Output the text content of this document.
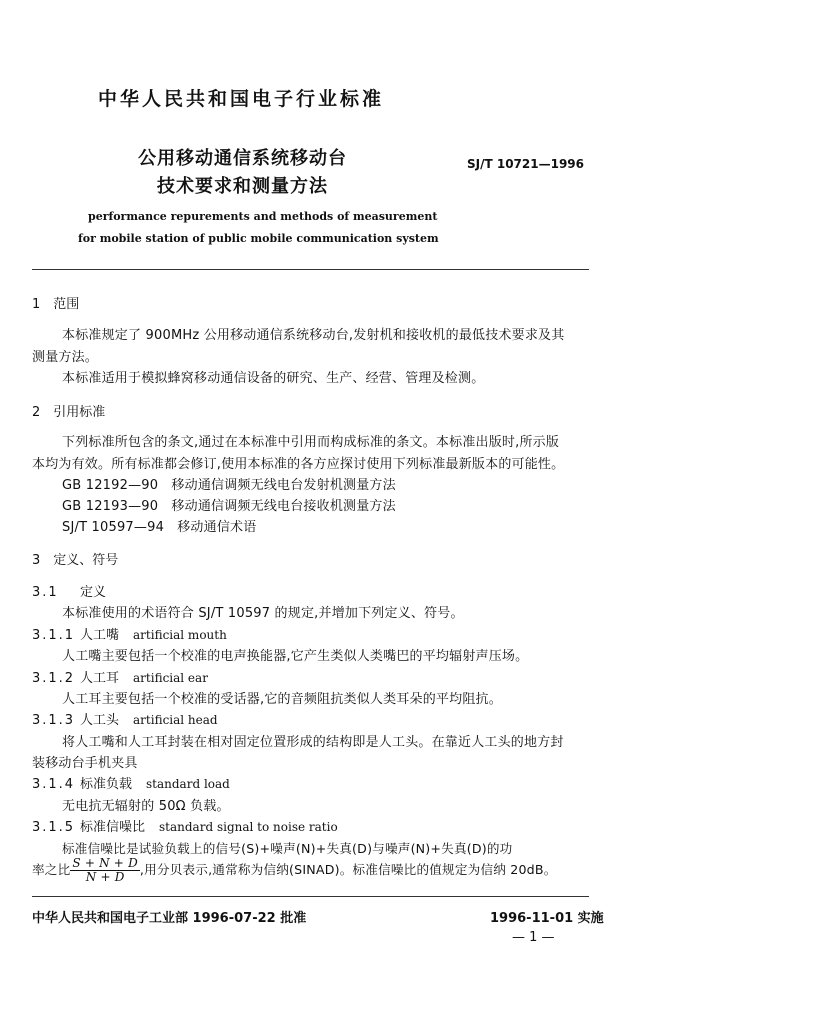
中华人民共和国电子行业标准
公用移动通信系统移动台
技术要求和测量方法
SJ/T 10721—1996
performance repurements and methods of measurement
for mobile station of public mobile communication system
1　范围
本标准规定了 900MHz 公用移动通信系统移动台,发射机和接收机的最低技术要求及其
测量方法。
本标准适用于模拟蜂窝移动通信设备的研究、生产、经营、管理及检测。
2　引用标准
下列标准所包含的条文,通过在本标准中引用而构成标准的条文。本标准出版时,所示版
本均为有效。所有标准都会修订,使用本标准的各方应探讨使用下列标准最新版本的可能性。
GB 12192—90　移动通信调频无线电台发射机测量方法
GB 12193—90　移动通信调频无线电台接收机测量方法
SJ/T 10597—94　移动通信术语
3　定义、符号
3.1 定义
本标准使用的术语符合 SJ/T 10597 的规定,并增加下列定义、符号。
3.1.1 人工嘴 artificial mouth
人工嘴主要包括一个校准的电声换能器,它产生类似人类嘴巴的平均辐射声压场。
3.1.2 人工耳 artificial ear
人工耳主要包括一个校准的受话器,它的音频阻抗类似人类耳朵的平均阻抗。
3.1.3 人工头 artificial head
将人工嘴和人工耳封装在相对固定位置形成的结构即是人工头。在靠近人工头的地方封
装移动台手机夹具
3.1.4 标准负载 standard load
无电抗无辐射的 50Ω 负载。
3.1.5 标准信噪比 standard signal to noise ratio
标准信噪比是试验负载上的信号(S)+噪声(N)+失真(D)与噪声(N)+失真(D)的功
率之比 $\frac{S + N + D}{N + D}$ ,用分贝表示,通常称为信纳(SINAD)。标准信噪比的值规定为信纳 20dB。
中华人民共和国电子工业部 1996-07-22 批准	1996-11-01 实施
— 1 —
